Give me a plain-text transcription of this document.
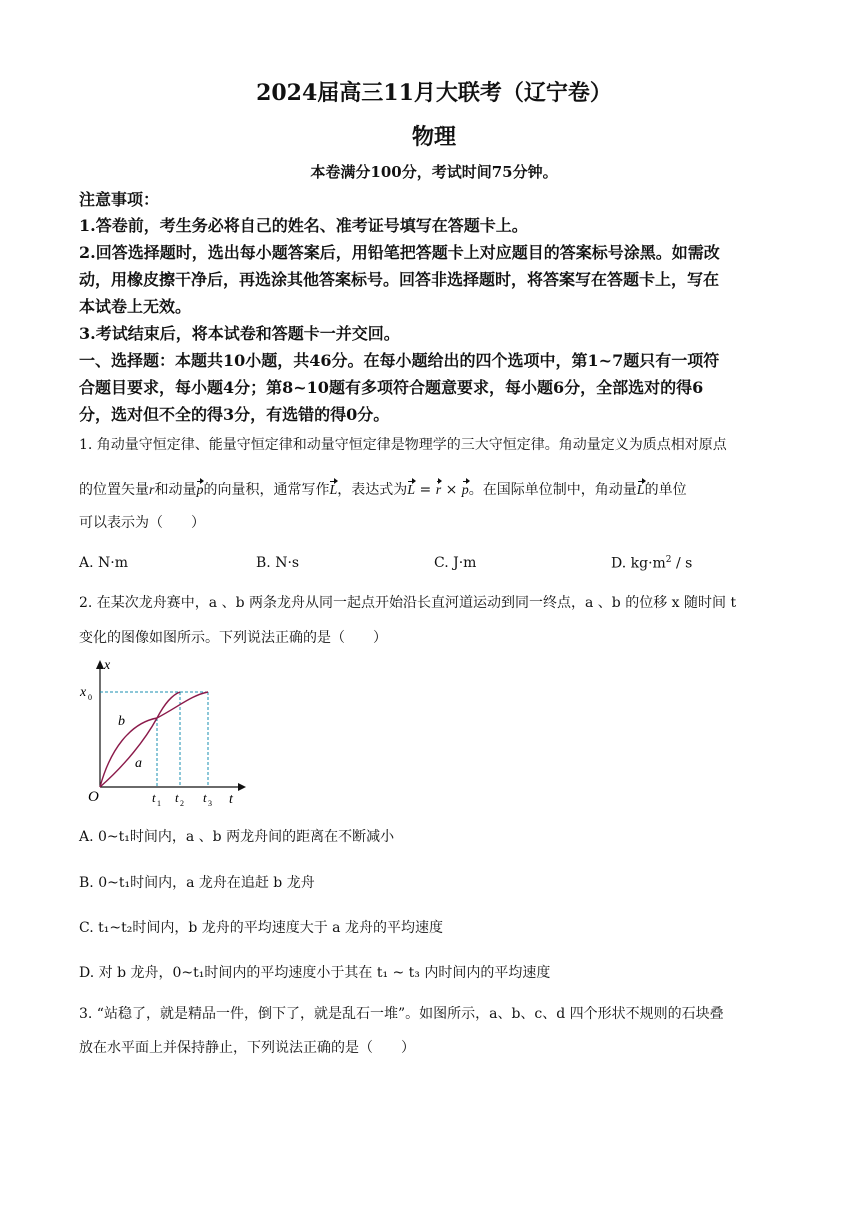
2024届高三11月大联考（辽宁卷）
物理
本卷满分100分，考试时间75分钟。
注意事项：
1.答卷前，考生务必将自己的姓名、准考证号填写在答题卡上。
2.回答选择题时，选出每小题答案后，用铅笔把答题卡上对应题目的答案标号涂黑。如需改
动，用橡皮擦干净后，再选涂其他答案标号。回答非选择题时，将答案写在答题卡上，写在
本试卷上无效。
3.考试结束后，将本试卷和答题卡一并交回。
一、选择题：本题共10小题，共46分。在每小题给出的四个选项中，第1~7题只有一项符
合题目要求，每小题4分；第8~10题有多项符合题意要求，每小题6分，全部选对的得6
分，选对但不全的得3分，有选错的得0分。
1. 角动量守恒定律、能量守恒定律和动量守恒定律是物理学的三大守恒定律。角动量定义为质点相对原点
的位置矢量r和动量p的向量积，通常写作L，表达式为L = r × p。在国际单位制中，角动量L的单位
可以表示为（　　）
A. N·m	B. N·s	C. J·m	D. $kg\cdot m^2 / s$
2. 在某次龙舟赛中，a 、b 两条龙舟从同一起点开始沿长直河道运动到同一终点，a 、b 的位移 x 随时间 t
变化的图像如图所示。下列说法正确的是（　　）
x
t
O
x 0
t 1 t 2 t 3
b
a
A. 0~t₁时间内，a 、b 两龙舟间的距离在不断减小
B. 0~t₁时间内，a 龙舟在追赶 b 龙舟
C. t₁~t₂时间内，b 龙舟的平均速度大于 a 龙舟的平均速度
D. 对 b 龙舟，0~t₁时间内的平均速度小于其在 t₁ ~ t₃ 内时间内的平均速度
3. “站稳了，就是精品一件，倒下了，就是乱石一堆”。如图所示，a、b、c、d 四个形状不规则的石块叠
放在水平面上并保持静止，下列说法正确的是（　　）
